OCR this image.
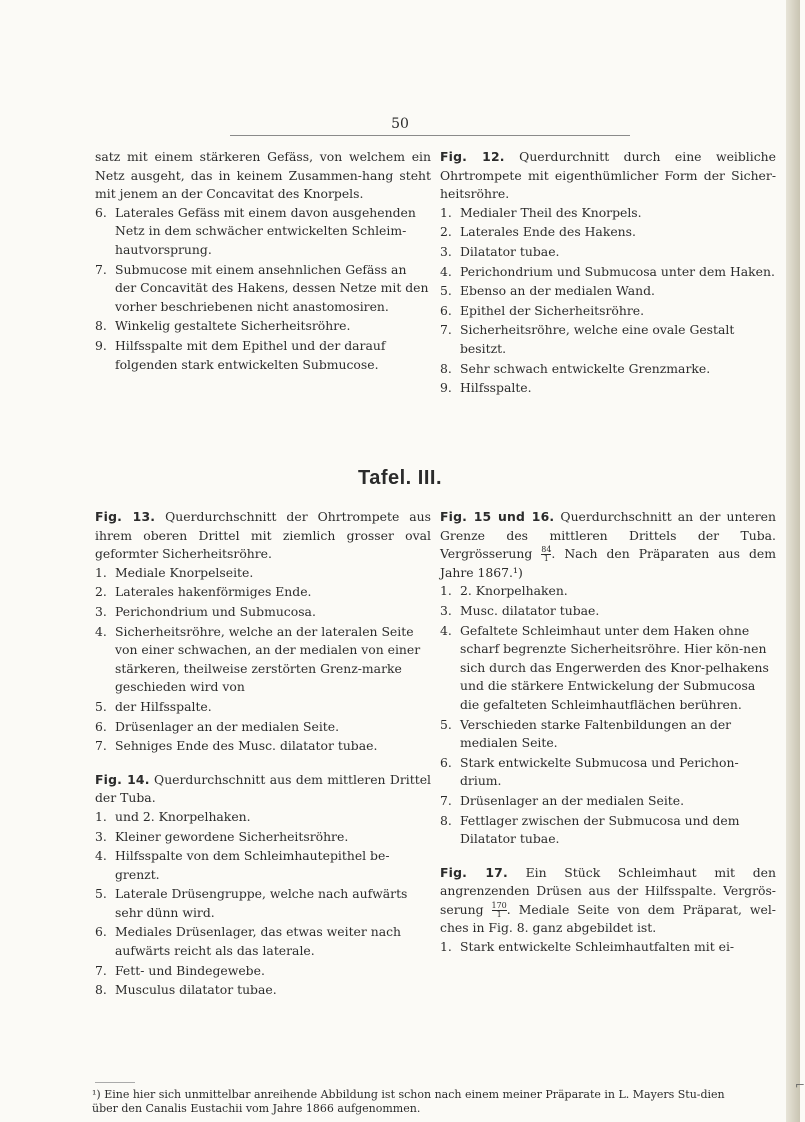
50

satz mit einem stärkeren Gefäss, von welchem ein Netz ausgeht, das in keinem Zusammen-hang steht mit jenem an der Concavitat des Knorpels.

6. Laterales Gefäss mit einem davon ausgehenden Netz in dem schwächer entwickelten Schleim-hautvorsprung.
7. Submucose mit einem ansehnlichen Gefäss an der Concavität des Hakens, dessen Netze mit den vorher beschriebenen nicht anastomosiren.
8. Winkelig gestaltete Sicherheitsröhre.
9. Hilfsspalte mit dem Epithel und der darauf folgenden stark entwickelten Submucose.

Fig. 12. Querdurchnitt durch eine weibliche Ohrtrompete mit eigenthümlicher Form der Sicher-heitsröhre.

1. Medialer Theil des Knorpels.
2. Laterales Ende des Hakens.
3. Dilatator tubae.
4. Perichondrium und Submucosa unter dem Haken.
5. Ebenso an der medialen Wand.
6. Epithel der Sicherheitsröhre.
7. Sicherheitsröhre, welche eine ovale Gestalt besitzt.
8. Sehr schwach entwickelte Grenzmarke.
9. Hilfsspalte.
Tafel. III.

Fig. 13. Querdurchschnitt der Ohrtrompete aus ihrem oberen Drittel mit ziemlich grosser oval geformter Sicherheitsröhre.

1. Mediale Knorpelseite.
2. Laterales hakenförmiges Ende.
3. Perichondrium und Submucosa.
4. Sicherheitsröhre, welche an der lateralen Seite von einer schwachen, an der medialen von einer stärkeren, theilweise zerstörten Grenz-marke geschieden wird von
5. der Hilfsspalte.
6. Drüsenlager an der medialen Seite.
7. Sehniges Ende des Musc. dilatator tubae.

Fig. 14. Querdurchschnitt aus dem mittleren Drittel der Tuba.

1. und 2. Knorpelhaken.
3. Kleiner gewordene Sicherheitsröhre.
4. Hilfsspalte von dem Schleimhautepithel be-grenzt.
5. Laterale Drüsengruppe, welche nach aufwärts sehr dünn wird.
6. Mediales Drüsenlager, das etwas weiter nach aufwärts reicht als das laterale.
7. Fett- und Bindegewebe.
8. Musculus dilatator tubae.

Fig. 15 und 16. Querdurchschnitt an der unteren Grenze des mittleren Drittels der Tuba. Vergrösserung $\frac{84}{1}$ . Nach den Präparaten aus dem Jahre 1867.¹)

1. 2. Knorpelhaken.
3. Musc. dilatator tubae.
4. Gefaltete Schleimhaut unter dem Haken ohne scharf begrenzte Sicherheitsröhre. Hier kön-nen sich durch das Engerwerden des Knor-pelhakens und die stärkere Entwickelung der Submucosa die gefalteten Schleimhautflächen berühren.
5. Verschieden starke Faltenbildungen an der medialen Seite.
6. Stark entwickelte Submucosa und Perichon-drium.
7. Drüsenlager an der medialen Seite.
8. Fettlager zwischen der Submucosa und dem Dilatator tubae.

Fig. 17. Ein Stück Schleimhaut mit den angrenzenden Drüsen aus der Hilfsspalte. Vergrös-serung $\frac{170}{1}$ . Mediale Seite von dem Präparat, wel-ches in Fig. 8. ganz abgebildet ist.

1. Stark entwickelte Schleimhautfalten mit ei-
¹) Eine hier sich unmittelbar anreihende Abbildung ist schon nach einem meiner Präparate in L. Mayers Stu-dien über den Canalis Eustachii vom Jahre 1866 aufgenommen.
⌐
